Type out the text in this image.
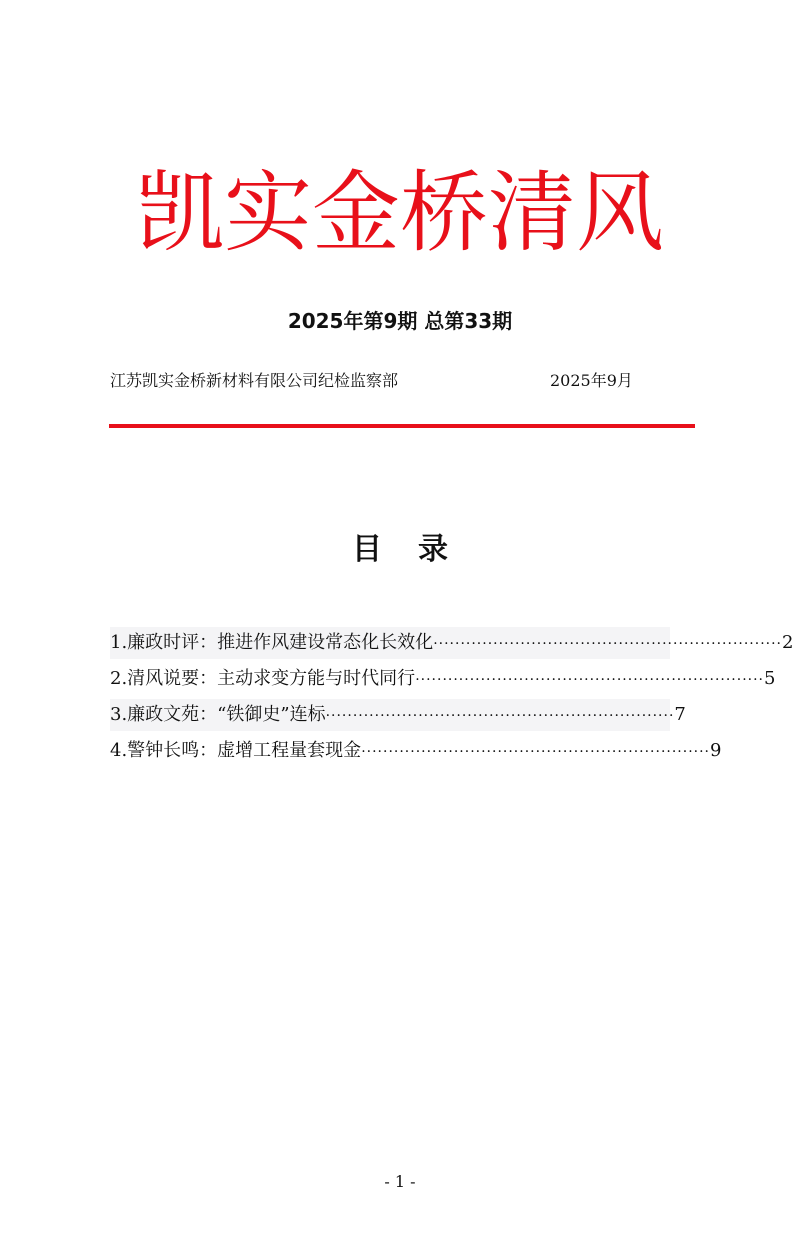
凯实金桥清风
2025年第9期 总第33期
江苏凯实金桥新材料有限公司纪检监察部	2025年9月
目录
1.廉政时评：推进作风建设常态化长效化 ································································ 2
2.清风说要：主动求变方能与时代同行 ································································ 5
3.廉政文苑：“铁御史”连标 ································································ 7
4.警钟长鸣：虚增工程量套现金 ································································ 9
- 1 -
